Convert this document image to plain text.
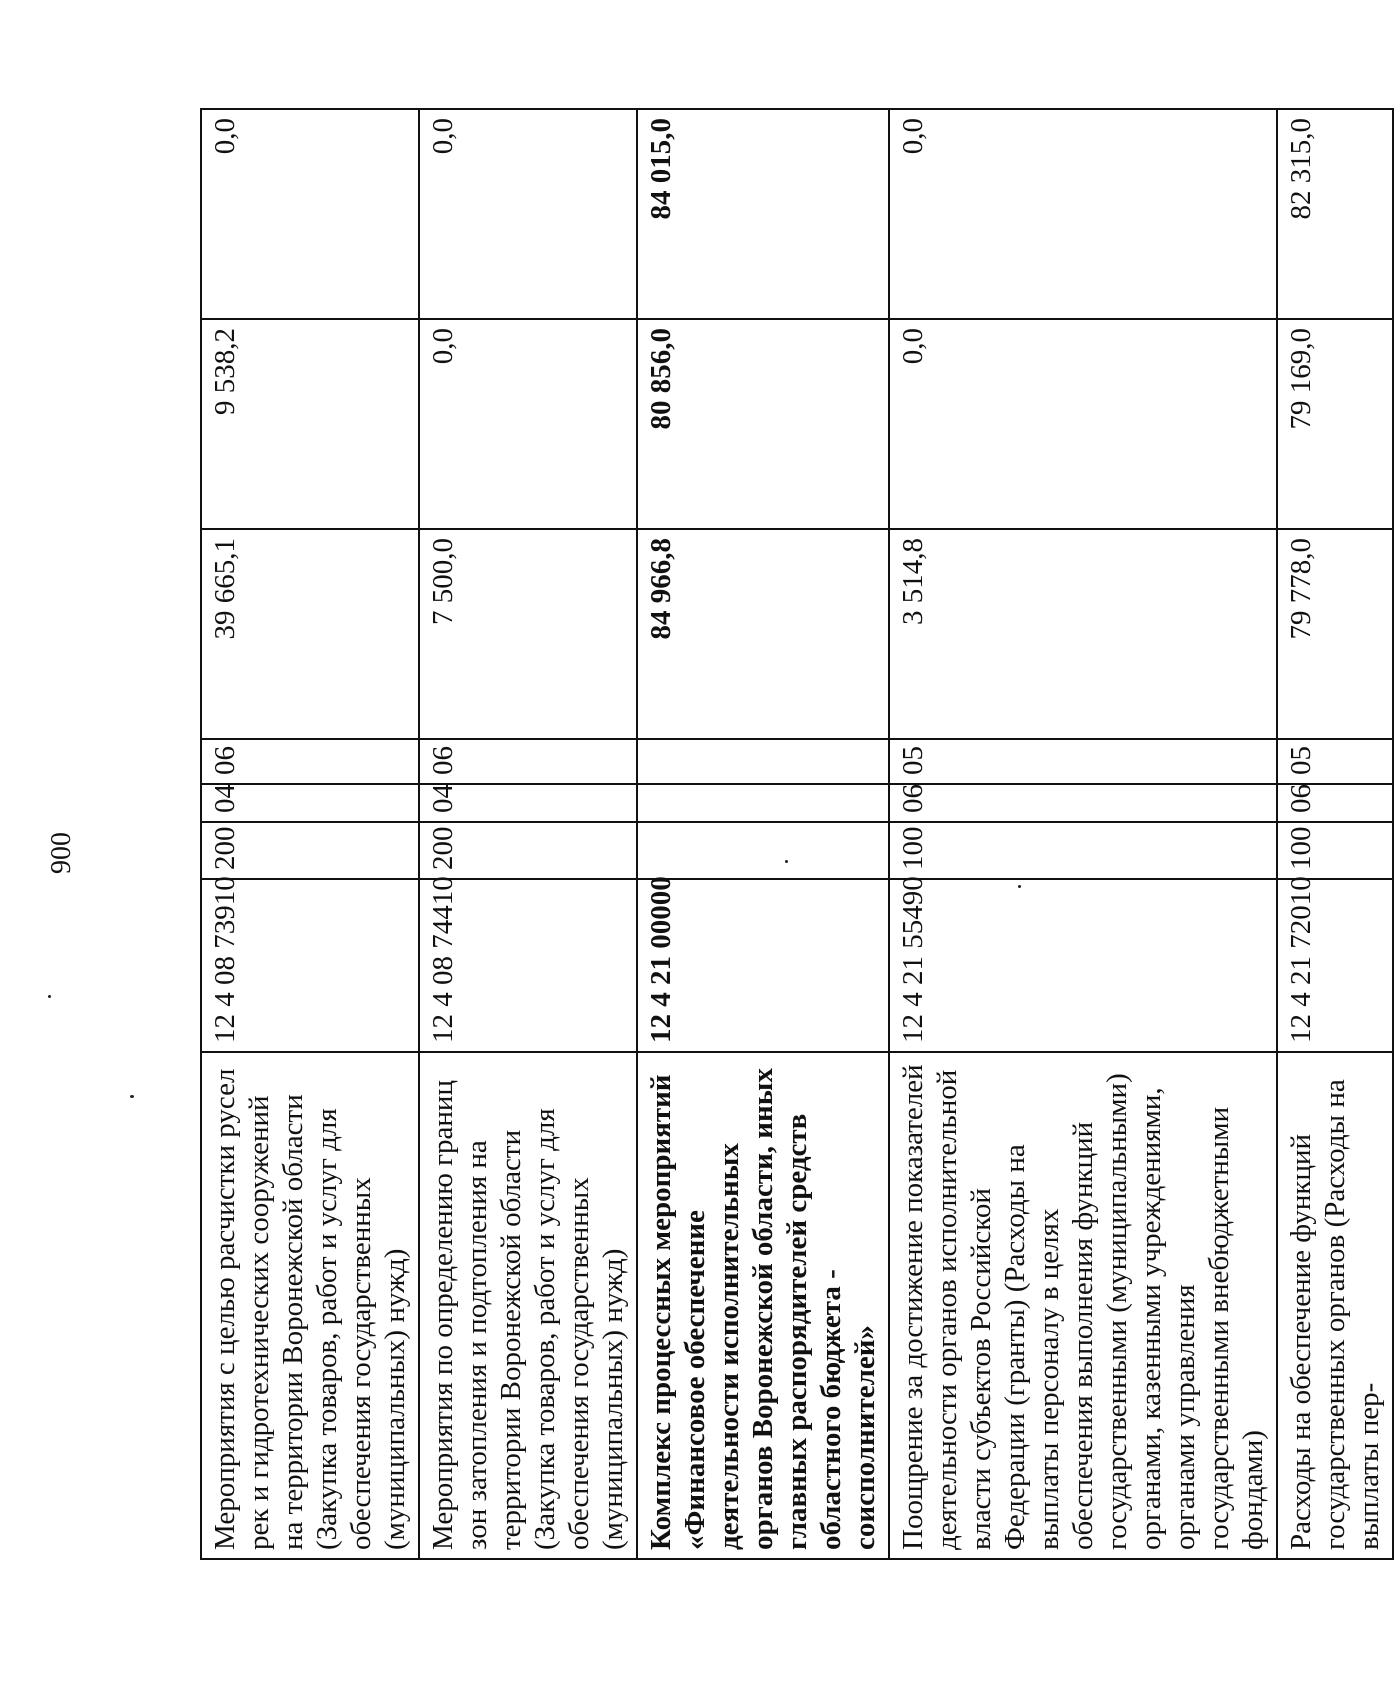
900
Мероприятия с целью расчистки русел рек и гидротехнических сооружений на территории Воронежской области (Закупка товаров, работ и услуг для обеспечения государственных (муниципальных) нужд)	12 4 08 73910	200	04	06	39 665,1	9 538,2	0,0
Мероприятия по определению границ зон затопления и подтопления на территории Воронежской области (Закупка товаров, работ и услуг для обеспечения государственных (муниципальных) нужд)	12 4 08 74410	200	04	06	7 500,0	0,0	0,0
Комплекс процессных мероприятий «Финансовое обеспечение деятельности исполнительных органов Воронежской области, иных главных распорядителей средств областного бюджета - соисполнителей»	12 4 21 00000				84 966,8	80 856,0	84 015,0
Поощрение за достижение показателей деятельности органов исполнительной власти субъектов Российской Федерации (гранты) (Расходы на выплаты персоналу в целях обеспечения выполнения функций государственными (муниципальными) органами, казенными учреждениями, органами управления государственными внебюджетными фондами)	12 4 21 55490	100	06	05	3 514,8	0,0	0,0
Расходы на обеспечение функций государственных органов (Расходы на выплаты пер-	12 4 21 72010	100	06	05	79 778,0	79 169,0	82 315,0
